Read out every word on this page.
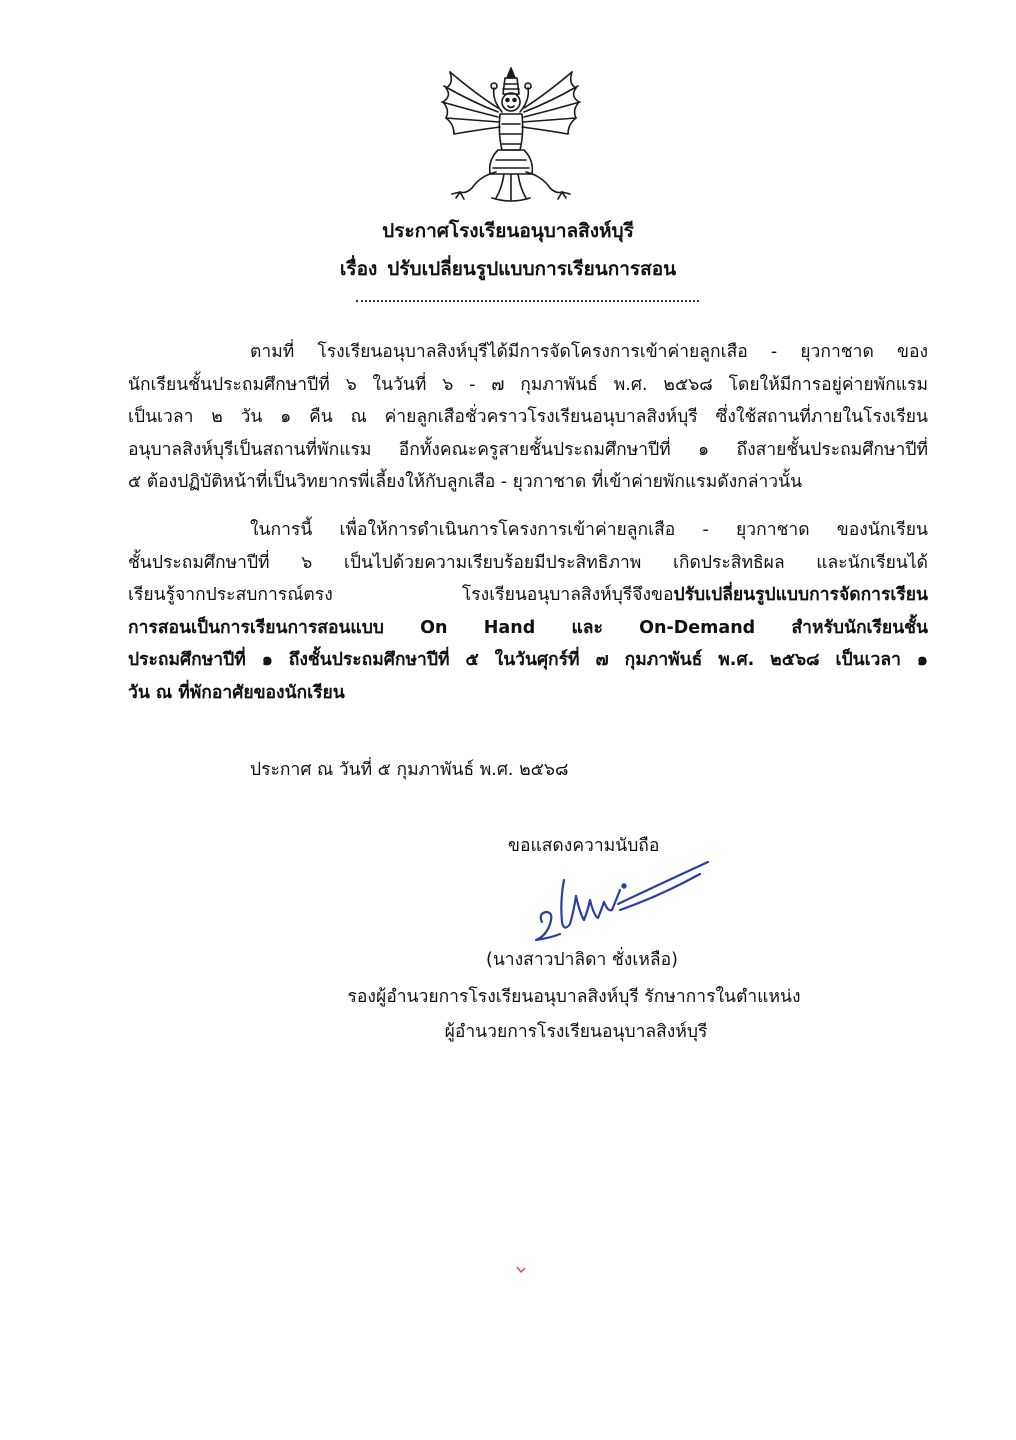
ประกาศโรงเรียนอนุบาลสิงห์บุรี
เรื่อง ปรับเปลี่ยนรูปแบบการเรียนการสอน
ตามที่ โรงเรียนอนุบาลสิงห์บุรีได้มีการจัดโครงการเข้าค่ายลูกเสือ - ยุวกาชาด ของ
นักเรียนชั้นประถมศึกษาปีที่ ๖ ในวันที่ ๖ - ๗ กุมภาพันธ์ พ.ศ. ๒๕๖๘ โดยให้มีการอยู่ค่ายพักแรม
เป็นเวลา ๒ วัน ๑ คืน ณ ค่ายลูกเสือชั่วคราวโรงเรียนอนุบาลสิงห์บุรี ซึ่งใช้สถานที่ภายในโรงเรียน
อนุบาลสิงห์บุรีเป็นสถานที่พักแรม อีกทั้งคณะครูสายชั้นประถมศึกษาปีที่ ๑ ถึงสายชั้นประถมศึกษาปีที่
๕ ต้องปฏิบัติหน้าที่เป็นวิทยากรพี่เลี้ยงให้กับลูกเสือ - ยุวกาชาด ที่เข้าค่ายพักแรมดังกล่าวนั้น
ในการนี้ เพื่อให้การดำเนินการโครงการเข้าค่ายลูกเสือ - ยุวกาชาด ของนักเรียน
ชั้นประถมศึกษาปีที่ ๖ เป็นไปด้วยความเรียบร้อยมีประสิทธิภาพ เกิดประสิทธิผล และนักเรียนได้
เรียนรู้จากประสบการณ์ตรง โรงเรียนอนุบาลสิงห์บุรีจึงขอปรับเปลี่ยนรูปแบบการจัดการเรียน
การสอนเป็นการเรียนการสอนแบบ On Hand และ On-Demand สำหรับนักเรียนชั้น
ประถมศึกษาปีที่ ๑ ถึงชั้นประถมศึกษาปีที่ ๕ ในวันศุกร์ที่ ๗ กุมภาพันธ์ พ.ศ. ๒๕๖๘ เป็นเวลา ๑
วัน ณ ที่พักอาศัยของนักเรียน
ประกาศ ณ วันที่ ๕ กุมภาพันธ์ พ.ศ. ๒๕๖๘
ขอแสดงความนับถือ
(นางสาวปาลิดา ชั่งเหลือ)
รองผู้อำนวยการโรงเรียนอนุบาลสิงห์บุรี รักษาการในตำแหน่ง
ผู้อำนวยการโรงเรียนอนุบาลสิงห์บุรี
